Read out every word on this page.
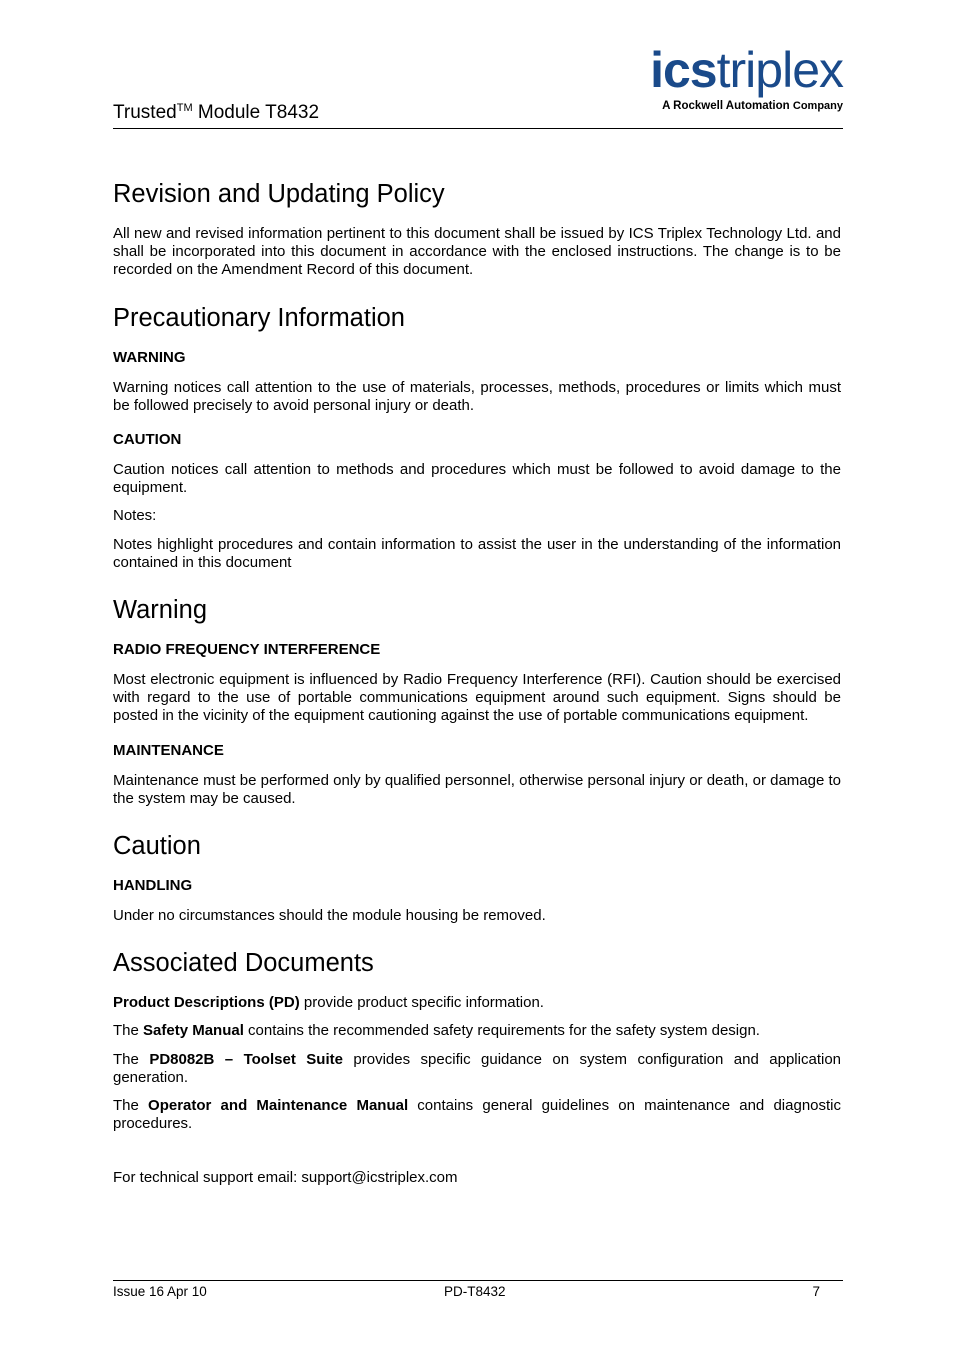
Trusted™ Module T8432
icstriplex
A Rockwell Automation Company
Revision and Updating Policy

All new and revised information pertinent to this document shall be issued by ICS Triplex Technology Ltd. and shall be incorporated into this document in accordance with the enclosed instructions. The change is to be recorded on the Amendment Record of this document.

Precautionary Information
WARNING

Warning notices call attention to the use of materials, processes, methods, procedures or limits which must be followed precisely to avoid personal injury or death.

CAUTION

Caution notices call attention to methods and procedures which must be followed to avoid damage to the equipment.

Notes:

Notes highlight procedures and contain information to assist the user in the understanding of the information contained in this document

Warning
RADIO FREQUENCY INTERFERENCE

Most electronic equipment is influenced by Radio Frequency Interference (RFI). Caution should be exercised with regard to the use of portable communications equipment around such equipment. Signs should be posted in the vicinity of the equipment cautioning against the use of portable communications equipment.

MAINTENANCE

Maintenance must be performed only by qualified personnel, otherwise personal injury or death, or damage to the system may be caused.

Caution
HANDLING

Under no circumstances should the module housing be removed.

Associated Documents

Product Descriptions (PD) provide product specific information.

The Safety Manual contains the recommended safety requirements for the safety system design.

The PD8082B – Toolset Suite provides specific guidance on system configuration and application generation.

The Operator and Maintenance Manual contains general guidelines on maintenance and diagnostic procedures.

For technical support email: support@icstriplex.com

Issue 16 Apr 10	PD-T8432	7
